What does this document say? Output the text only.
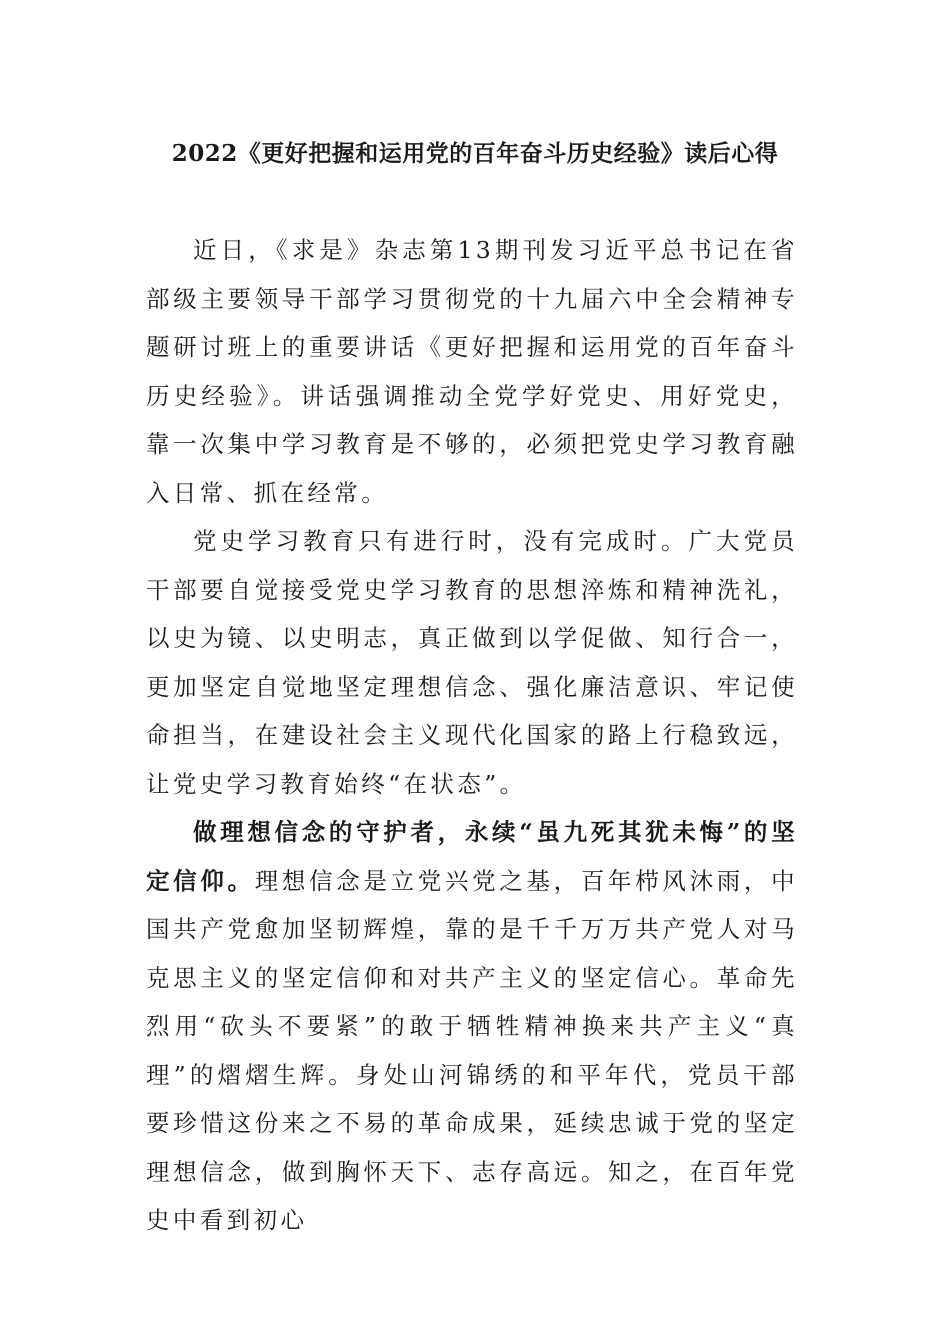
2022《更好把握和运用党的百年奋斗历史经验》读后心得

近日，《求是》杂志第13期刊发习近平总书记在省部级主要领导干部学习贯彻党的十九届六中全会精神专题研讨班上的重要讲话《更好把握和运用党的百年奋斗历史经验》。讲话强调推动全党学好党史、用好党史，靠一次集中学习教育是不够的，必须把党史学习教育融入日常、抓在经常。

党史学习教育只有进行时，没有完成时。广大党员干部要自觉接受党史学习教育的思想淬炼和精神洗礼，以史为镜、以史明志，真正做到以学促做、知行合一，更加坚定自觉地坚定理想信念、强化廉洁意识、牢记使命担当，在建设社会主义现代化国家的路上行稳致远，让党史学习教育始终“在状态”。

做理想信念的守护者，永续“虽九死其犹未悔”的坚定信仰。理想信念是立党兴党之基，百年栉风沐雨，中国共产党愈加坚韧辉煌，靠的是千千万万共产党人对马克思主义的坚定信仰和对共产主义的坚定信心。革命先烈用“砍头不要紧”的敢于牺牲精神换来共产主义“真理”的熠熠生辉。身处山河锦绣的和平年代，党员干部要珍惜这份来之不易的革命成果，延续忠诚于党的坚定理想信念，做到胸怀天下、志存高远。知之，在百年党史中看到初心
